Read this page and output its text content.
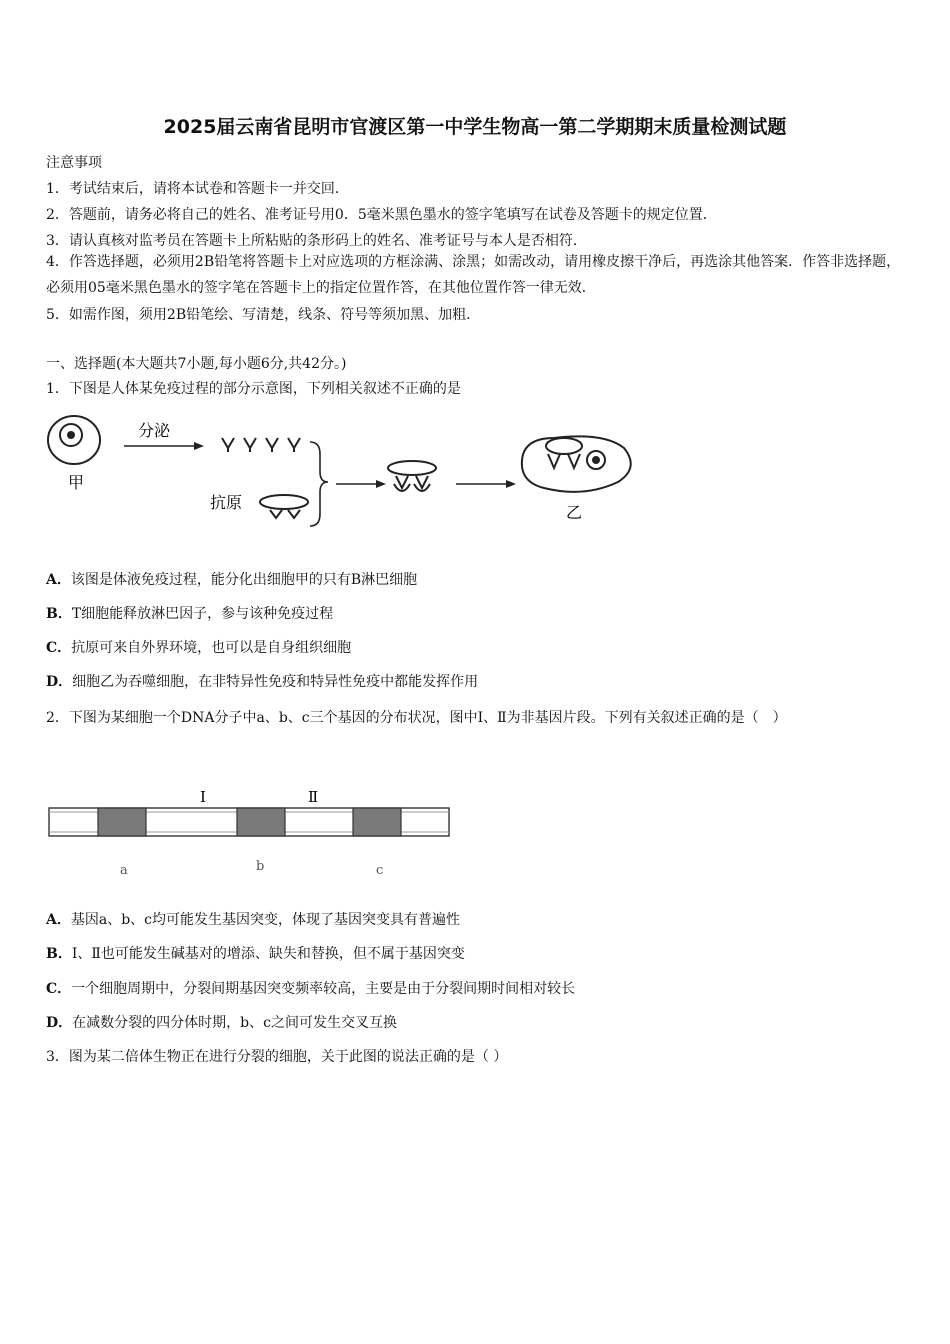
2025届云南省昆明市官渡区第一中学生物高一第二学期期末质量检测试题
注意事项
1．考试结束后，请将本试卷和答题卡一并交回．
2．答题前，请务必将自己的姓名、准考证号用0．5毫米黑色墨水的签字笔填写在试卷及答题卡的规定位置．
3．请认真核对监考员在答题卡上所粘贴的条形码上的姓名、准考证号与本人是否相符．
4．作答选择题，必须用2B铅笔将答题卡上对应选项的方框涂满、涂黑；如需改动，请用橡皮擦干净后，再选涂其他答案．作答非选择题，必须用05毫米黑色墨水的签字笔在答题卡上的指定位置作答，在其他位置作答一律无效．
5．如需作图，须用2B铅笔绘、写清楚，线条、符号等须加黑、加粗．
一、选择题(本大题共7小题,每小题6分,共42分。)
1．下图是人体某免疫过程的部分示意图，下列相关叙述不正确的是
甲
分泌
抗原
乙
A．该图是体液免疫过程，能分化出细胞甲的只有B淋巴细胞
B．T细胞能释放淋巴因子，参与该种免疫过程
C．抗原可来自外界环境，也可以是自身组织细胞
D．细胞乙为吞噬细胞，在非特异性免疫和特异性免疫中都能发挥作用
2．下图为某细胞一个DNA分子中a、b、c三个基因的分布状况，图中Ⅰ、Ⅱ为非基因片段。下列有关叙述正确的是（　）
Ⅰ	Ⅱ
a	b	c
A．基因a、b、c均可能发生基因突变，体现了基因突变具有普遍性
B．Ⅰ、Ⅱ也可能发生碱基对的增添、缺失和替换，但不属于基因突变
C．一个细胞周期中，分裂间期基因突变频率较高，主要是由于分裂间期时间相对较长
D．在减数分裂的四分体时期，b、c之间可发生交叉互换
3．图为某二倍体生物正在进行分裂的细胞，关于此图的说法正确的是（ ）
